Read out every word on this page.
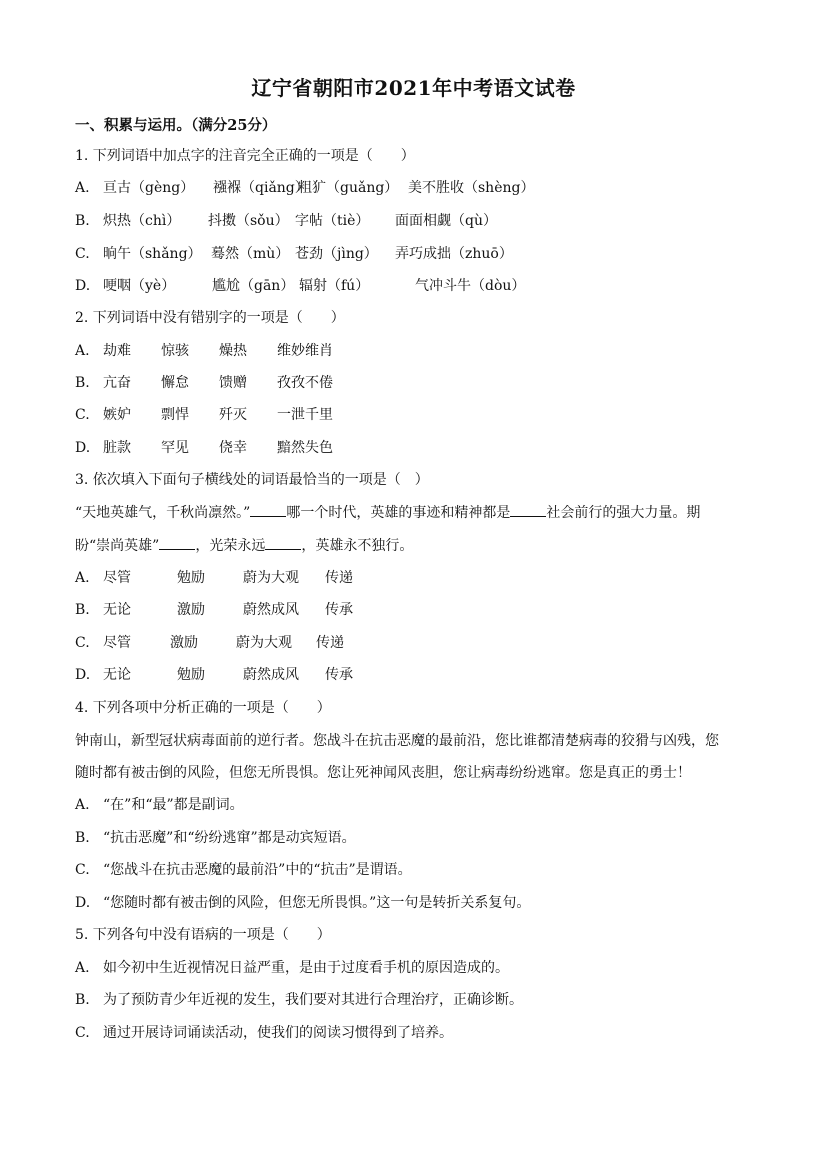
辽宁省朝阳市2021年中考语文试卷
一、积累与运用。（满分25分）
1. 下列词语中加点字的注音完全正确的一项是（　　）
A. 亘古（gèng） 襁褓（qiǎng）粗犷（guǎng） 美不胜收（shèng）
B. 炽热（chì） 抖擞（sǒu） 字帖（tiè） 面面相觑（qù）
C. 晌午（shǎng） 蓦然（mù） 苍劲（jìng） 弄巧成拙（zhuō）
D. 哽咽（yè）	尴尬（gān） 辐射（fú）	气冲斗牛（dòu）
2. 下列词语中没有错别字的一项是（　　）
A. 劫难 惊骇 燥热 维妙维肖
B. 亢奋 懈怠 馈赠 孜孜不倦
C. 嫉妒 剽悍 歼灭 一泄千里
D. 脏款 罕见 侥幸 黯然失色
3. 依次填入下面句子横线处的词语最恰当的一项是（　）
“天地英雄气，千秋尚凛然。”	哪一个时代，英雄的事迹和精神都是	社会前行的强大力量。期
盼“崇尚英雄”	，光荣永远	，英雄永不独行。
A. 尽管	勉励	蔚为大观 传递
B. 无论	激励	蔚然成风 传承
C. 尽管	激励	蔚为大观 传递
D. 无论	勉励	蔚然成风 传承
4. 下列各项中分析正确的一项是（　　）
钟南山，新型冠状病毒面前的逆行者。您战斗在抗击恶魔的最前沿，您比谁都清楚病毒的狡猾与凶残，您
随时都有被击倒的风险，但您无所畏惧。您让死神闻风丧胆，您让病毒纷纷逃窜。您是真正的勇士！
A. “在”和“最”都是副词。
B. “抗击恶魔”和“纷纷逃窜”都是动宾短语。
C. “您战斗在抗击恶魔的最前沿”中的“抗击”是谓语。
D. “您随时都有被击倒的风险，但您无所畏惧。”这一句是转折关系复句。
5. 下列各句中没有语病的一项是（　　）
A. 如今初中生近视情况日益严重，是由于过度看手机的原因造成的。
B. 为了预防青少年近视的发生，我们要对其进行合理治疗，正确诊断。
C. 通过开展诗词诵读活动，使我们的阅读习惯得到了培养。
